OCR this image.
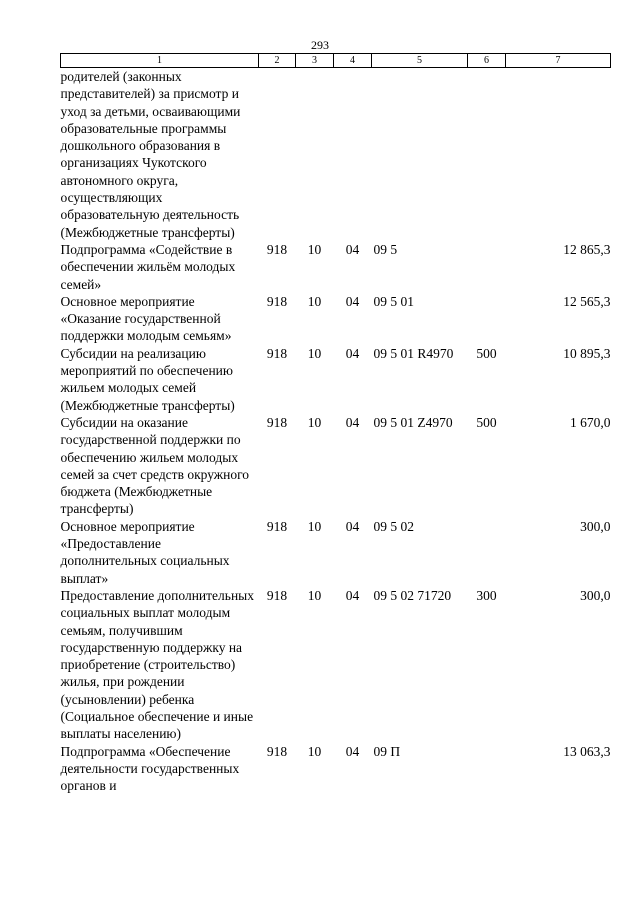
293
1	2	3	4	5	6	7
родителей (законных представителей) за присмотр и уход за детьми, осваивающими образовательные программы дошкольного образования в организациях Чукотского автономного округа, осуществляющих образовательную деятельность (Межбюджетные трансферты)						
Подпрограмма «Содействие в обеспечении жильём молодых семей»	918	10	04	09 5		12 865,3
Основное мероприятие «Оказание государственной поддержки молодым семьям»	918	10	04	09 5 01		12 565,3
Субсидии на реализацию мероприятий по обеспечению жильем молодых семей (Межбюджетные трансферты)	918	10	04	09 5 01 R4970	500	10 895,3
Субсидии на оказание государственной поддержки по обеспечению жильем молодых семей за счет средств окружного бюджета (Межбюджетные трансферты)	918	10	04	09 5 01 Z4970	500	1 670,0
Основное мероприятие «Предоставление дополнительных социальных выплат»	918	10	04	09 5 02		300,0
Предоставление дополнительных социальных выплат молодым семьям, получившим государственную поддержку на приобретение (строительство) жилья, при рождении (усыновлении) ребенка (Социальное обеспечение и иные выплаты населению)	918	10	04	09 5 02 71720	300	300,0
Подпрограмма «Обеспечение деятельности государственных органов и	918	10	04	09 П		13 063,3
